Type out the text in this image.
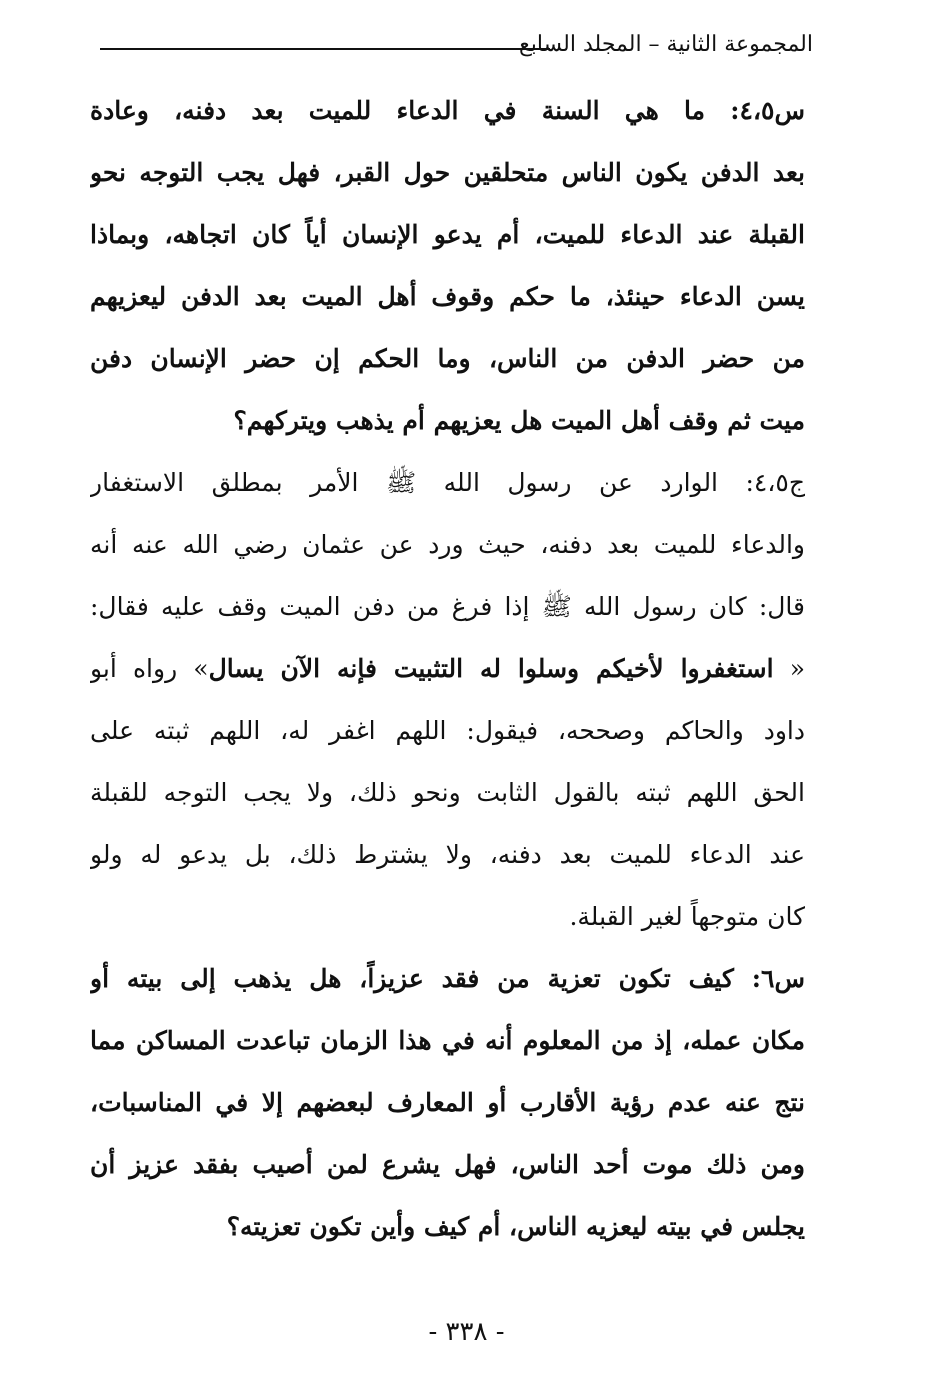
المجموعة الثانية – المجلد السابع
س٤،٥: ما هي السنة في الدعاء للميت بعد دفنه، وعادة
بعد الدفن يكون الناس متحلقين حول القبر، فهل يجب التوجه نحو
القبلة عند الدعاء للميت، أم يدعو الإنسان أياً كان اتجاهه، وبماذا
يسن الدعاء حينئذ، ما حكم وقوف أهل الميت بعد الدفن ليعزيهم
من حضر الدفن من الناس، وما الحكم إن حضر الإنسان دفن
ميت ثم وقف أهل الميت هل يعزيهم أم يذهب ويتركهم؟
ج٤،٥: الوارد عن رسول الله ﷺ الأمر بمطلق الاستغفار
والدعاء للميت بعد دفنه، حيث ورد عن عثمان رضي الله عنه أنه
قال: كان رسول الله ﷺ إذا فرغ من دفن الميت وقف عليه فقال:
« استغفروا لأخيكم وسلوا له التثبيت فإنه الآن يسال» رواه أبو
داود والحاكم وصححه، فيقول: اللهم اغفر له، اللهم ثبته على
الحق اللهم ثبته بالقول الثابت ونحو ذلك، ولا يجب التوجه للقبلة
عند الدعاء للميت بعد دفنه، ولا يشترط ذلك، بل يدعو له ولو
كان متوجهاً لغير القبلة.
س٦: كيف تكون تعزية من فقد عزيزاً، هل يذهب إلى بيته أو
مكان عمله، إذ من المعلوم أنه في هذا الزمان تباعدت المساكن مما
نتج عنه عدم رؤية الأقارب أو المعارف لبعضهم إلا في المناسبات،
ومن ذلك موت أحد الناس، فهل يشرع لمن أصيب بفقد عزيز أن
يجلس في بيته ليعزيه الناس، أم كيف وأين تكون تعزيته؟
- ٣٣٨ -
